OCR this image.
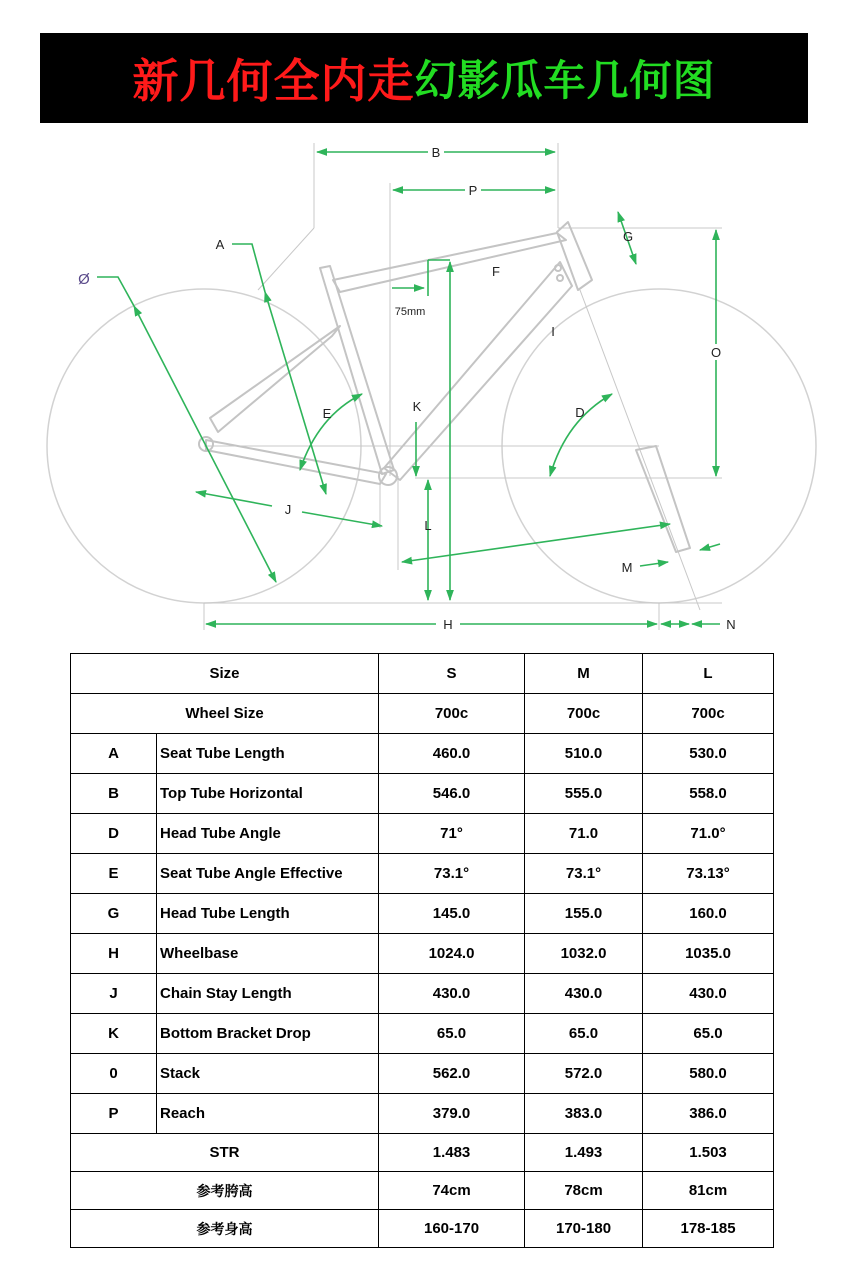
新几何全内走 幻影瓜车几何图
B
P
O
G
A
Ø	F
I
E	K	D
J
L
M
H	N
75mm
Size		S	M	L
Wheel Size		700c	700c	700c
A	Seat Tube Length	460.0	510.0	530.0
B	Top Tube Horizontal	546.0	555.0	558.0
D	Head Tube Angle	71°	71.0	71.0°
E	Seat Tube Angle Effective	73.1°	73.1°	73.13°
G	Head Tube Length	145.0	155.0	160.0
H	Wheelbase	1024.0	1032.0	1035.0
J	Chain Stay Length	430.0	430.0	430.0
K	Bottom Bracket Drop	65.0	65.0	65.0
0	Stack	562.0	572.0	580.0
P	Reach	379.0	383.0	386.0
STR		1.483	1.493	1.503
参考胯高		74cm	78cm	81cm
参考身高		160-170	170-180	178-185
